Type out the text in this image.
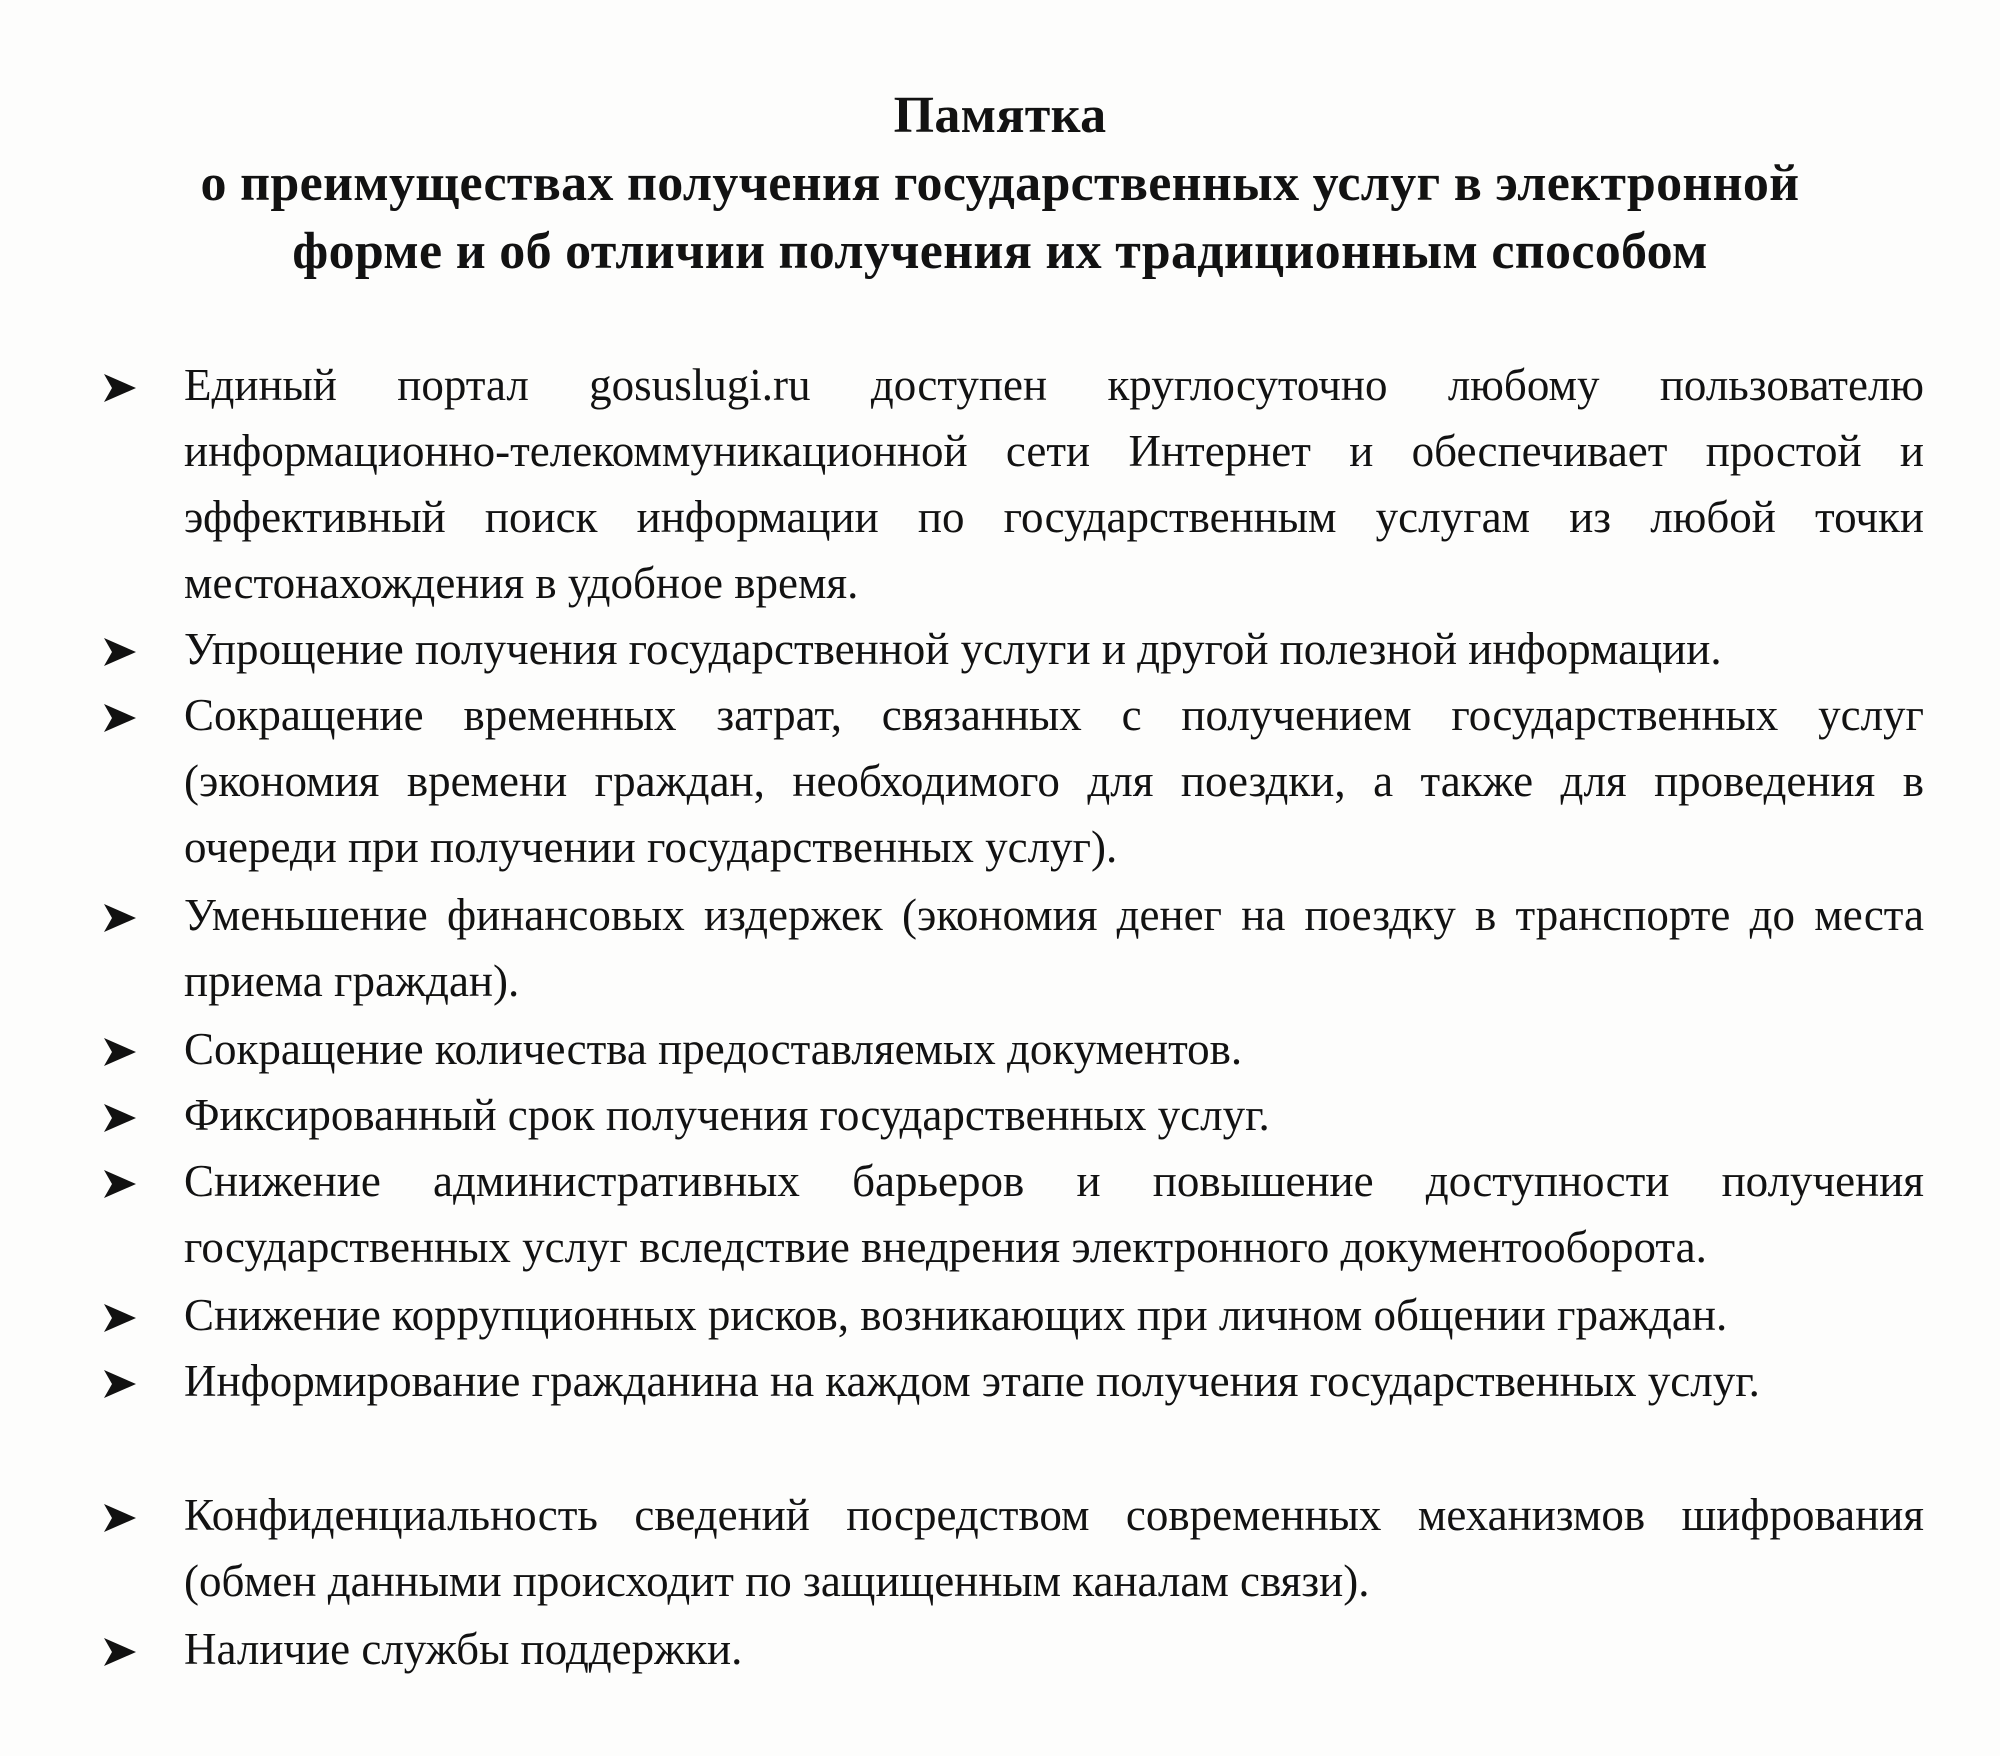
Памятка
о преимуществах получения государственных услуг в электронной
форме и об отличии получения их традиционным способом
Единый портал gosuslugi.ru доступен круглосуточно любому пользователю информационно-телекоммуникационной сети Интернет и обеспечивает простой и эффективный поиск информации по государственным услугам из любой точки местонахождения в удобное время.
Упрощение получения государственной услуги и другой полезной информации.
Сокращение временных затрат, связанных с получением государственных услуг (экономия времени граждан, необходимого для поездки, а также для проведения в очереди при получении государственных услуг).
Уменьшение финансовых издержек (экономия денег на поездку в транспорте до места приема граждан).
Сокращение количества предоставляемых документов.
Фиксированный срок получения государственных услуг.
Снижение административных барьеров и повышение доступности получения государственных услуг вследствие внедрения электронного документооборота.
Снижение коррупционных рисков, возникающих при личном общении граждан.
Информирование гражданина на каждом этапе получения государственных услуг.
Конфиденциальность сведений посредством современных механизмов шифрования (обмен данными происходит по защищенным каналам связи).
Наличие службы поддержки.
